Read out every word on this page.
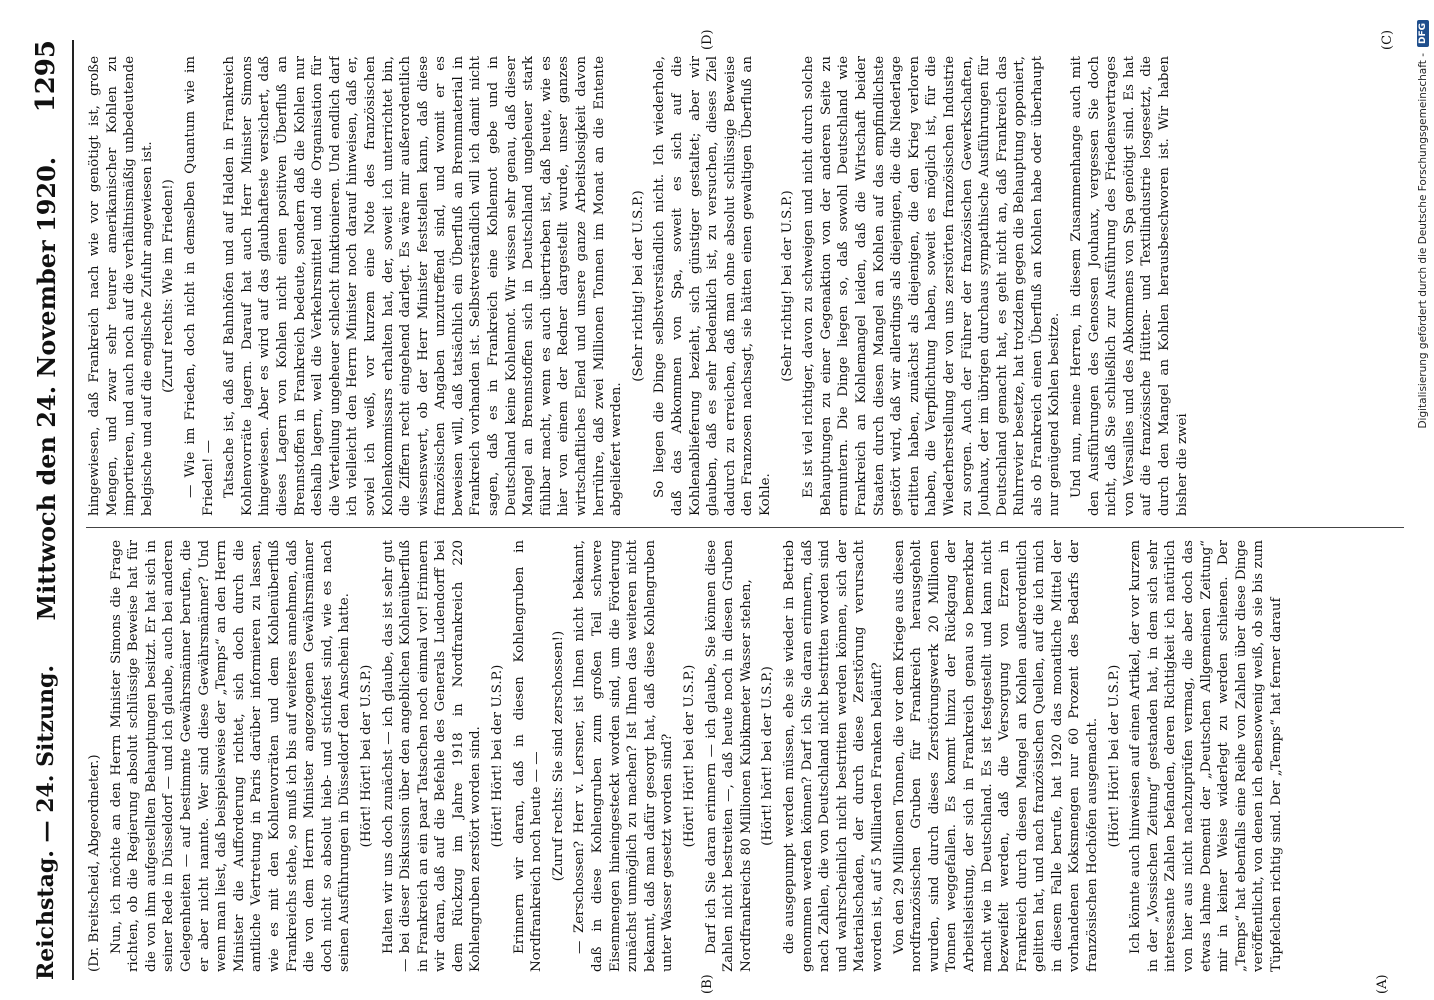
Reichstag. — 24. Sitzung.
Mittwoch den 24. November 1920.
1295
(A)
(B)
(C)
(D)

(Dr. Breitscheid, Abgeordneter.) Nun, ich möchte an den Herrn Minister Simons die Frage richten, ob die Regierung absolut schlüssige Beweise hat für die von ihm aufgestellten Behauptungen besitzt. Er hat sich in seiner Rede in Düsseldorf — und ich glaube, auch bei anderen Gelegenheiten — auf bestimmte Gewährsmänner berufen, die er aber nicht nannte. Wer sind diese Gewährsmänner? Und wenn man liest, daß beispielsweise der „Temps“ an den Herrn Minister die Aufforderung richtet, sich doch durch die amtliche Vertretung in Paris darüber informieren zu lassen, wie es mit den Kohlenvorräten und dem Kohlenüberfluß Frankreichs stehe, so muß ich bis auf weiteres annehmen, daß die von dem Herrn Minister angezogenen Gewährsmänner doch nicht so absolut hieb- und stichfest sind, wie es nach seinen Ausführungen in Düsseldorf den Anschein hatte. (Hört! Hört! bei der U.S.P.) Halten wir uns doch zunächst — ich glaube, das ist sehr gut — bei dieser Diskussion über den angeblichen Kohlenüberfluß in Frankreich an ein paar Tatsachen noch einmal vor! Erinnern wir daran, daß auf die Befehle des Generals Ludendorff bei dem Rückzug im Jahre 1918 in Nordfrankreich 220 Kohlengruben zerstört worden sind. (Hört! Hört! bei der U.S.P.) Erinnern wir daran, daß in diesen Kohlengruben in Nordfrankreich noch heute — — (Zuruf rechts: Sie sind zerschossen!) — Zerschossen? Herr v. Lersner, ist Ihnen nicht bekannt, daß in diese Kohlengruben zum großen Teil schwere Eisenmengen hineingesteckt worden sind, um die Förderung zunächst unmöglich zu machen? Ist Ihnen das weiteren nicht bekannt, daß man dafür gesorgt hat, daß diese Kohlengruben unter Wasser gesetzt worden sind? (Hört! Hört! bei der U.S.P.) Darf ich Sie daran erinnern — ich glaube, Sie können diese Zahlen nicht bestreiten —, daß heute noch in diesen Gruben Nordfrankreichs 80 Millionen Kubikmeter Wasser stehen, (Hört! hört! bei der U.S.P.) die ausgepumpt werden müssen, ehe sie wieder in Betrieb genommen werden können? Darf ich Sie daran erinnern, daß nach Zahlen, die von Deutschland nicht bestritten worden sind und wahrscheinlich nicht bestritten werden können, sich der Materialschaden, der durch diese Zerstörung verursacht worden ist, auf 5 Milliarden Franken beläuft? Von den 29 Millionen Tonnen, die vor dem Kriege aus diesen nordfranzösischen Gruben für Frankreich herausgeholt wurden, sind durch dieses Zerstörungswerk 20 Millionen Tonnen weggefallen. Es kommt hinzu der Rückgang der Arbeitsleistung, der sich in Frankreich genau so bemerkbar macht wie in Deutschland. Es ist festgestellt und kann nicht bezweifelt werden, daß die Versorgung von Erzen in Frankreich durch diesen Mangel an Kohlen außerordentlich gelitten hat, und nach französischen Quellen, auf die ich mich in diesem Falle berufe, hat 1920 das monatliche Mittel der vorhandenen Koksmengen nur 60 Prozent des Bedarfs der französischen Hochöfen ausgemacht. (Hört! Hört! bei der U.S.P.) Ich könnte auch hinweisen auf einen Artikel, der vor kurzem in der „Vossischen Zeitung“ gestanden hat, in dem sich sehr interessante Zahlen befanden, deren Richtigkeit ich natürlich von hier aus nicht nachzuprüfen vermag, die aber doch das etwas lahme Dementi der „Deutschen Allgemeinen Zeitung“ mir in keiner Weise widerlegt zu werden schienen. Der „Temps“ hat ebenfalls eine Reihe von Zahlen über diese Dinge veröffentlicht, von denen ich ebensowenig weiß, ob sie bis zum Tüpfelchen richtig sind. Der „Temps“ hat ferner darauf

hingewiesen, daß Frankreich nach wie vor genötigt ist, große Mengen, und zwar sehr teurer amerikanischer Kohlen zu importieren, und auch noch auf die verhältnismäßig unbedeutende belgische und auf die englische Zufuhr angewiesen ist. (Zuruf rechts: Wie im Frieden!) — Wie im Frieden, doch nicht in demselben Quantum wie im Frieden! — Tatsache ist, daß auf Bahnhöfen und auf Halden in Frankreich Kohlenvorräte lagern. Darauf hat auch Herr Minister Simons hingewiesen. Aber es wird auf das glaubhafteste versichert, daß dieses Lagern von Kohlen nicht einen positiven Überfluß an Brennstoffen in Frankreich bedeute, sondern daß die Kohlen nur deshalb lagern, weil die Verkehrsmittel und die Organisation für die Verteilung ungeheuer schlecht funktionieren. Und endlich darf ich vielleicht den Herrn Minister noch darauf hinweisen, daß er, soviel ich weiß, vor kurzem eine Note des französischen Kohlenkommissars erhalten hat, der, soweit ich unterrichtet bin, die Ziffern recht eingehend darlegt. Es wäre mir außerordentlich wissenswert, ob der Herr Minister feststellen kann, daß diese französischen Angaben unzutreffend sind, und womit er es beweisen will, daß tatsächlich ein Überfluß an Brennmaterial in Frankreich vorhanden ist. Selbstverständlich will ich damit nicht sagen, daß es in Frankreich eine Kohlennot gebe und in Deutschland keine Kohlennot. Wir wissen sehr genau, daß dieser Mangel an Brennstoffen sich in Deutschland ungeheuer stark fühlbar macht, wenn es auch übertrieben ist, daß heute, wie es hier von einem der Redner dargestellt wurde, unser ganzes wirtschaftliches Elend und unsere ganze Arbeitslosigkeit davon herrühre, daß zwei Millionen Tonnen im Monat an die Entente abgeliefert werden.

(Sehr richtig! bei der U.S.P.) So liegen die Dinge selbstverständlich nicht. Ich wiederhole, daß das Abkommen von Spa, soweit es sich auf die Kohlenablieferung bezieht, sich günstiger gestaltet; aber wir glauben, daß es sehr bedenklich ist, zu versuchen, dieses Ziel dadurch zu erreichen, daß man ohne absolut schlüssige Beweise den Franzosen nachsagt, sie hätten einen gewaltigen Überfluß an Kohle.

(Sehr richtig! bei der U.S.P.) Es ist viel richtiger, davon zu schweigen und nicht durch solche Behauptungen zu einer Gegenaktion von der anderen Seite zu ermuntern. Die Dinge liegen so, daß sowohl Deutschland wie Frankreich an Kohlemangel leiden, daß die Wirtschaft beider Staaten durch diesen Mangel an Kohlen auf das empfindlichste gestört wird, daß wir allerdings als diejenigen, die die Niederlage erlitten haben, zunächst als diejenigen, die den Krieg verloren haben, die Verpflichtung haben, soweit es möglich ist, für die Wiederherstellung der von uns zerstörten französischen Industrie zu sorgen. Auch der Führer der französischen Gewerkschaften, Jouhaux, der im übrigen durchaus sympathische Ausführungen für Deutschland gemacht hat, es geht nicht an, daß Frankreich das Ruhrrevier besetze, hat trotzdem gegen die Behauptung opponiert, als ob Frankreich einen Überfluß an Kohlen habe oder überhaupt nur genügend Kohlen besitze. Und nun, meine Herren, in diesem Zusammenhange auch mit den Ausführungen des Genossen Jouhaux, vergessen Sie doch nicht, daß Sie schließlich zur Ausführung des Friedensvertrages von Versailles und des Abkommens von Spa genötigt sind. Es hat auf die französische Hütten- und Textilindustrie losgesetzt, die durch den Mangel an Kohlen herausbeschworen ist. Wir haben bisher die zwei

Digitalisierung gefördert durch die Deutsche Forschungsgemeinschaft -
DFG
